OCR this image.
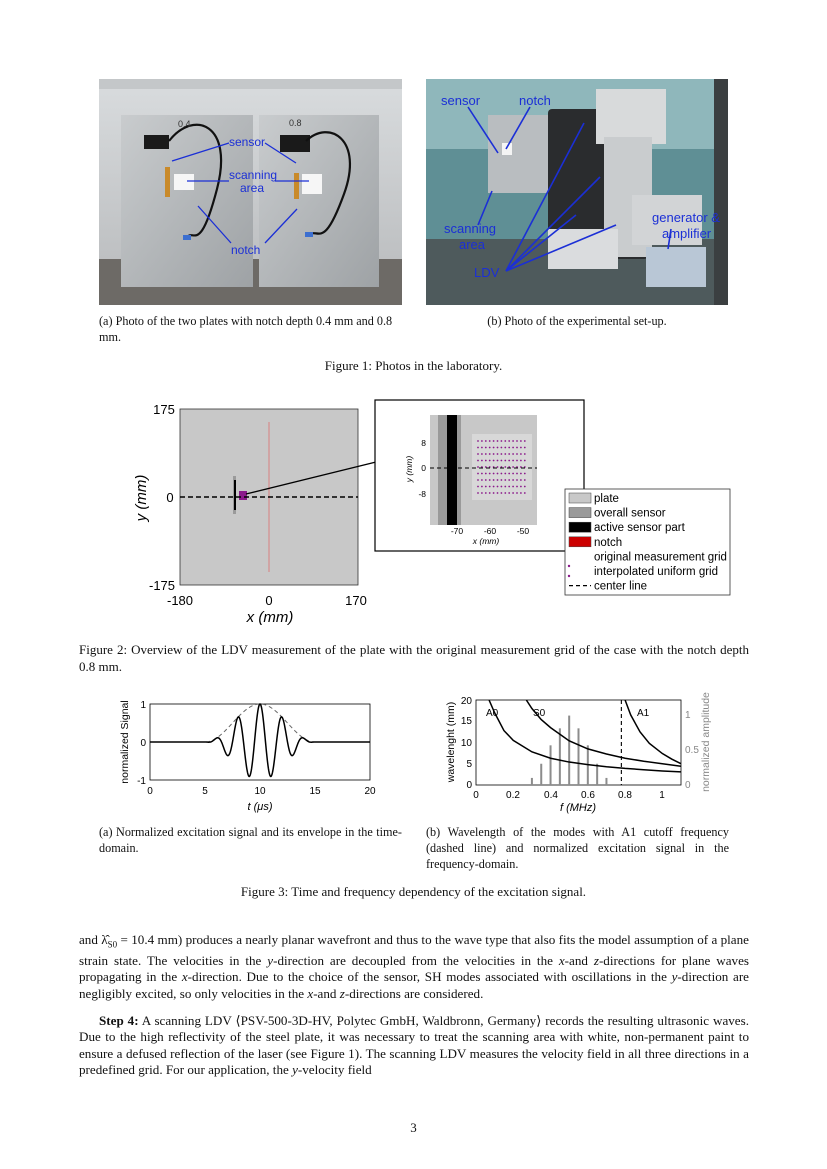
0.4	0.8
sensor
scanning
area
notch
sensor	notch
scanning
area
LDV
generator &
amplifier
(a) Photo of the two plates with notch depth 0.4 mm and 0.8 mm.
(b) Photo of the experimental set-up.
Figure 1: Photos in the laboratory.
175
0
-175
-180	0	170
x (mm)
y (mm)
8
0
-8
-70 -60 -50
x (mm)
y (mm)
plate
overall sensor
active sensor part
notch
original measurement grid
interpolated uniform grid
center line
Figure 2: Overview of the LDV measurement of the plate with the original measurement grid of the case with the notch depth 0.8 mm.
1
0
-1
0	5	10	15	20
t (μs)
normalized Signal	A0	S0	A1
0
5
10
15
20
0
0.5
1
0	0.2 0.4 0.6 0.8	1
f (MHz)
wavelenght (mm)	normalized amplitude
(a) Normalized excitation signal and its envelope in the time-domain.
(b) Wavelength of the modes with A1 cutoff frequency (dashed line) and normalized excitation signal in the frequency-domain.
Figure 3: Time and frequency dependency of the excitation signal.
and $\lambdâ_{S0} = 10.4$ mm) produces a nearly planar wavefront and thus to the wave type that also fits the model assumption of a plane strain state. The velocities in the y-direction are decoupled from the velocities in the x-and z-directions for plane waves propagating in the x-direction. Due to the choice of the sensor, SH modes associated with oscillations in the y-direction are negligibly excited, so only velocities in the x-and z-directions are considered.
Step 4: A scanning LDV ⟨PSV-500-3D-HV, Polytec GmbH, Waldbronn, Germany⟩ records the resulting ultrasonic waves. Due to the high reflectivity of the steel plate, it was necessary to treat the scanning area with white, non-permanent paint to ensure a defused reflection of the laser (see Figure 1). The scanning LDV measures the velocity field in all three directions in a predefined grid. For our application, the y-velocity field
3
